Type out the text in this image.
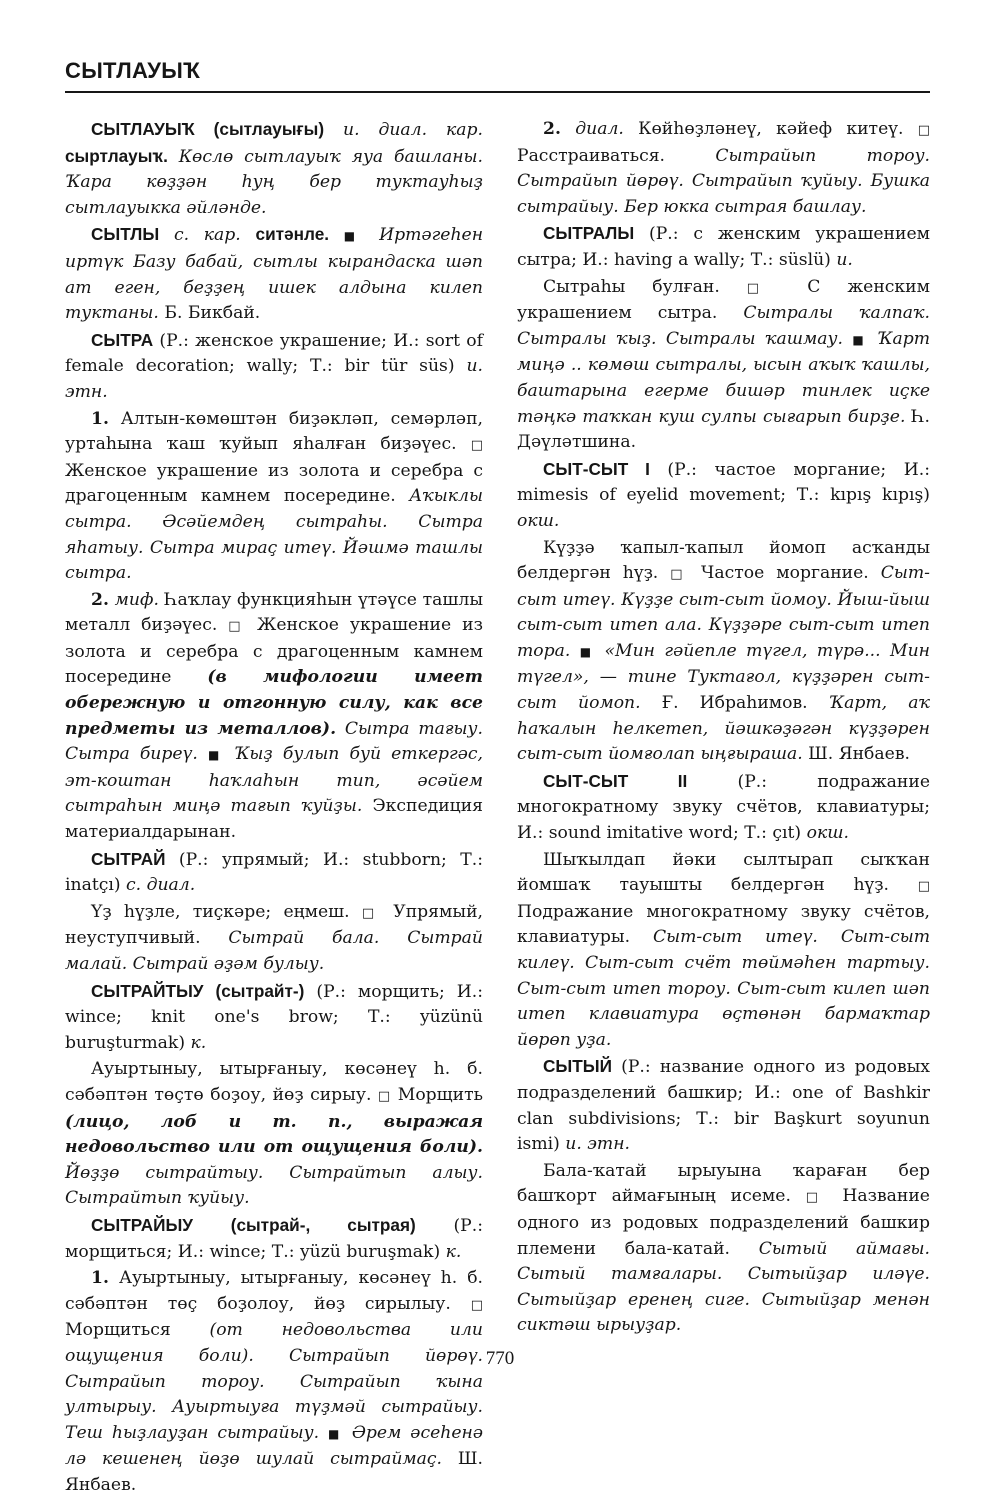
СЫТЛАУЫҠ

СЫТЛАУЫҠ (сытлауығы) и. диал. кар. сыртлауыҡ. Көслө сытлауыҡ яуа башланы. Ҡара көҙҙән һуң бер туктауһыҙ сытлауыкка әйләнде.

СЫТЛЫ с. кар. ситәнле. ■ Иртәгеһен иртүк Базу бабай, сытлы кырандаска шәп ат еген, беҙҙең ишек алдына килеп туктаны. Б. Бикбай.

СЫТРА (Р.: женское украшение; И.: sort of female decoration; wally; Т.: bir tür süs) и. этн.

1. Алтын-көмөштән биҙәкләп, семәрләп, уртаһына ҡаш ҡуйып яһалған биҙәүес. □ Женское украшение из золота и серебра с драгоценным камнем посередине. Аҡыклы сытра. Әсәйемдең сытраһы. Сытра яһатыу. Сытра мираҫ итеү. Йәшмә ташлы сытра.

2. миф. Һаҡлау функцияһын үтәүсе ташлы металл биҙәүес. □ Женское украшение из золота и серебра с драгоценным камнем посередине (в мифологии имеет обережную и отгонную силу, как все предметы из металлов). Сытра тағыу. Сытра биреү. ■ Ҡыҙ булып буй еткергәс, эт-коштан һаҡлаһын тип, әсәйем сытраһын миңә тағып ҡуйҙы. Экспедиция материалдарынан.

СЫТРАЙ (Р.: упрямый; И.: stubborn; Т.: inatçı) с. диал.

Үҙ һүҙле, тиҫкәре; еңмеш. □ Упрямый, неуступчивый. Сытрай бала. Сытрай малай. Сытрай әҙәм булыу.

СЫТРАЙТЫУ (сытрайт-) (Р.: морщить; И.: wince; knit one's brow; Т.: yüzünü buruşturmak) к.

Ауыртыныу, ытырғаныу, көсәнеү һ. б. сәбәптән төҫтө боҙоу, йөҙ сирыу. □ Морщить (лицо, лоб и т. п., выражая недовольство или от ощущения боли). Йөҙҙө сытрайтыу. Сытрайтып алыу. Сытрайтып ҡуйыу.

СЫТРАЙЫУ (сытрай-, сытрая) (Р.: морщиться; И.: wince; Т.: yüzü buruşmak) к.

1. Ауыртыныу, ытырғаныу, көсәнеү һ. б. сәбәптән төҫ боҙолоу, йөҙ сирылыу. □ Морщиться (от недовольства или ощущения боли). Сытрайып йөрөү. Сытрайып тороу. Сытрайып ҡына ултырыу. Ауыртыуға түҙмәй сытрайыу. Теш һыҙлауҙан сытрайыу. ■ Әрем әсеһенә лә кешенең йөҙө шулай сытраймаҫ. Ш. Янбаев.

2. диал. Көйһөҙләнеү, кәйеф китеү. □ Расстраиваться. Сытрайып тороу. Сытрайып йөрөү. Сытрайып ҡуйыу. Бушка сытрайыу. Бер юкка сытрая башлау.

СЫТРАЛЫ (Р.: с женским украшением сытра; И.: having a wally; Т.: süslü) и.

Сытраһы булған. □ С женским украшением сытра. Сытралы ҡалпаҡ. Сытралы ҡыҙ. Сытралы ҡашмау. ■ Ҡарт миңә .. көмөш сытралы, ысын аҡыҡ ҡашлы, баштарына егерме бишәр тинлек иҫке тәңкә таҡкан куш сулпы сығарып бирҙе. Һ. Дәүләтшина.

СЫТ-СЫТ I (Р.: частое моргание; И.: mimesis of eyelid movement; Т.: kıpış kıpış) окш.

Күҙҙә ҡапыл-ҡапыл йомоп асҡанды белдергән һүҙ. □ Частое моргание. Сыт-сыт итеү. Күҙҙе сыт-сыт йомоу. Йыш-йыш сыт-сыт итеп ала. Күҙҙәре сыт-сыт итеп тора. ■ «Мин гәйепле түгел, түрә... Мин түгел», — тине Туктағол, күҙҙәрен сыт-сыт йомоп. Ғ. Ибраһимов. Ҡарт, аҡ һаҡалын һелкетеп, йәшкәҙәгән күҙҙәрен сыт-сыт йомғолап ыңғыраша. Ш. Янбаев.

СЫТ-СЫТ II (Р.: подражание многократному звуку счётов, клавиатуры; И.: sound imitative word; Т.: çıt) окш.

Шыҡылдап йәки сылтырап сыҡҡан йомшаҡ тауышты белдергән һүҙ. □ Подражание многократному звуку счётов, клавиатуры. Сыт-сыт итеү. Сыт-сыт килеү. Сыт-сыт счёт төймәһен тартыу. Сыт-сыт итеп тороу. Сыт-сыт килеп шәп итеп клавиатура өҫтөнән бармаҡтар йөрөп уҙа.

СЫТЫЙ (Р.: название одного из родовых подразделений башкир; И.: one of Bashkir clan subdivisions; Т.: bir Başkurt soyunun ismi) и. этн.

Бала-ҡатай ырыуына ҡараған бер башҡорт аймағының исеме. □ Название одного из родовых подразделений башкир племени бала-катай. Сытый аймағы. Сытый тамғалары. Сытыйҙар иләүе. Сытыйҙар еренең сиге. Сытыйҙар менән сиктәш ырыуҙар.

770
